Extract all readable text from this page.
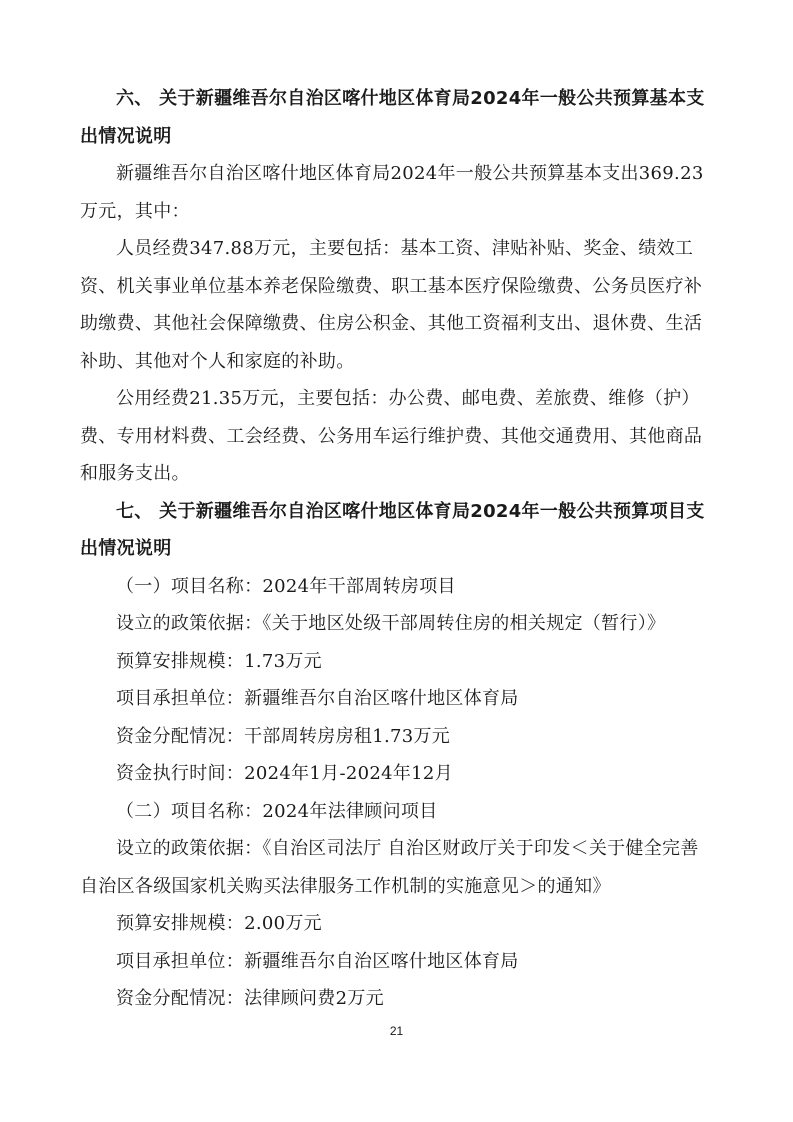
六、 关于新疆维吾尔自治区喀什地区体育局2024年一般公共预算基本支出情况说明

新疆维吾尔自治区喀什地区体育局2024年一般公共预算基本支出369.23万元，其中：

人员经费347.88万元，主要包括：基本工资、津贴补贴、奖金、绩效工资、机关事业单位基本养老保险缴费、职工基本医疗保险缴费、公务员医疗补助缴费、其他社会保障缴费、住房公积金、其他工资福利支出、退休费、生活补助、其他对个人和家庭的补助。

公用经费21.35万元，主要包括：办公费、邮电费、差旅费、维修（护）费、专用材料费、工会经费、公务用车运行维护费、其他交通费用、其他商品和服务支出。

七、 关于新疆维吾尔自治区喀什地区体育局2024年一般公共预算项目支出情况说明

（一）项目名称：2024年干部周转房项目

设立的政策依据：《关于地区处级干部周转住房的相关规定（暂行）》

预算安排规模：1.73万元

项目承担单位：新疆维吾尔自治区喀什地区体育局

资金分配情况：干部周转房房租1.73万元

资金执行时间：2024年1月-2024年12月

（二）项目名称：2024年法律顾问项目

设立的政策依据：《自治区司法厅 自治区财政厅关于印发＜关于健全完善自治区各级国家机关购买法律服务工作机制的实施意见＞的通知》

预算安排规模：2.00万元

项目承担单位：新疆维吾尔自治区喀什地区体育局

资金分配情况：法律顾问费2万元

21
